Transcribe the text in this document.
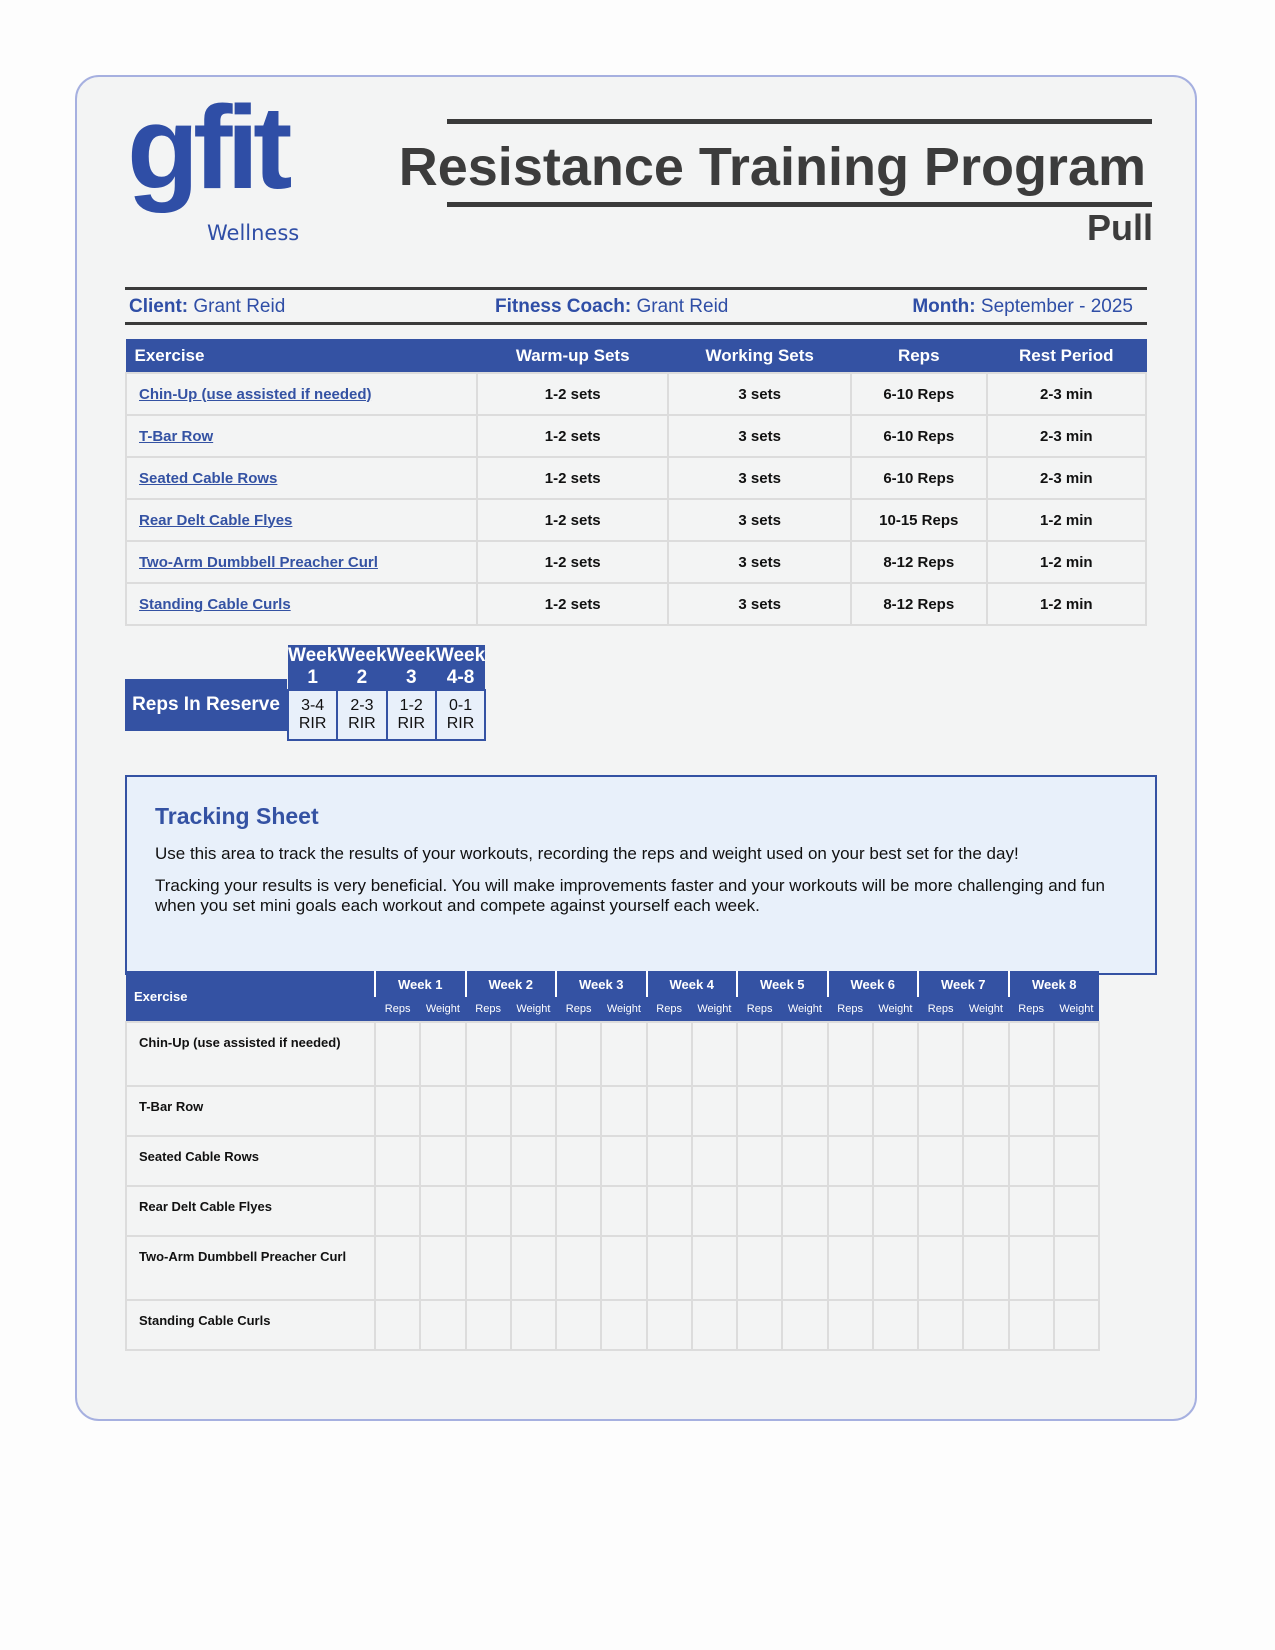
gfit
Wellness
Resistance Training Program
Pull
Client: Grant Reid	Fitness Coach: Grant Reid	Month: September - 2025
Exercise	Warm-up Sets	Working Sets	Reps	Rest Period
Chin-Up (use assisted if needed)	1-2 sets	3 sets	6-10 Reps	2-3 min
T-Bar Row	1-2 sets	3 sets	6-10 Reps	2-3 min
Seated Cable Rows	1-2 sets	3 sets	6-10 Reps	2-3 min
Rear Delt Cable Flyes	1-2 sets	3 sets	10-15 Reps	1-2 min
Two-Arm Dumbbell Preacher Curl	1-2 sets	3 sets	8-12 Reps	1-2 min
Standing Cable Curls	1-2 sets	3 sets	8-12 Reps	1-2 min
Reps In Reserve
Week 1	Week 2	Week 3	Week 4-8
3-4 RIR	2-3 RIR	1-2 RIR	0-1 RIR
Tracking Sheet

Use this area to track the results of your workouts, recording the reps and weight used on your best set for the day!

Tracking your results is very beneficial. You will make improvements faster and your workouts will be more challenging and fun when you set mini goals each workout and compete against yourself each week.

Exercise	Week 1		Week 2		Week 3		Week 4		Week 5		Week 6		Week 7		Week 8	
	Reps	Weight	Reps	Weight	Reps	Weight	Reps	Weight	Reps	Weight	Reps	Weight	Reps	Weight	Reps	Weight
Chin-Up (use assisted if needed)																
T-Bar Row																
Seated Cable Rows																
Rear Delt Cable Flyes																
Two-Arm Dumbbell Preacher Curl																
Standing Cable Curls																
